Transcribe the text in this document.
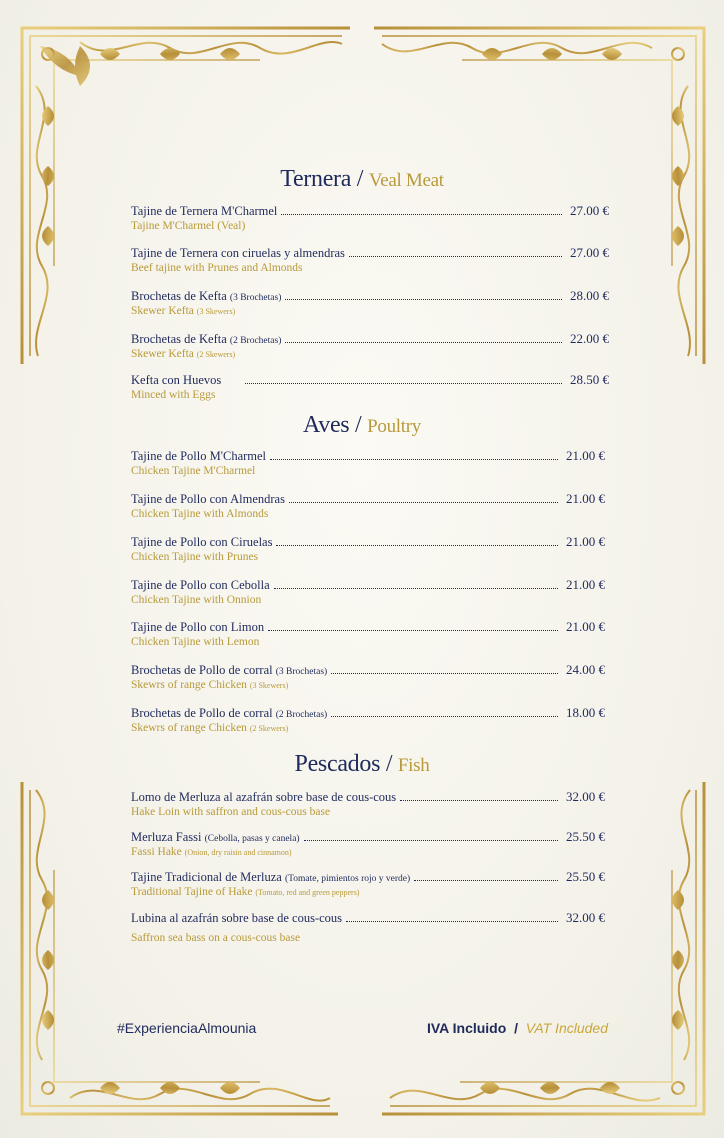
Ternera / Veal Meat
Tajine de Ternera M'Charmel	27.00 €
Tajine M'Charmel (Veal)
Tajine de Ternera con ciruelas y almendras	27.00 €
Beef tajine with Prunes and Almonds
Brochetas de Kefta (3 Brochetas)	28.00 €
Skewer Kefta (3 Skewers)
Brochetas de Kefta (2 Brochetas)	22.00 €
Skewer Kefta (2 Skewers)
Kefta con Huevos	28.50 €
Minced with Eggs
Aves / Poultry
Tajine de Pollo M'Charmel	21.00 €
Chicken Tajine M'Charmel
Tajine de Pollo con Almendras	21.00 €
Chicken Tajine with Almonds
Tajine de Pollo con Ciruelas	21.00 €
Chicken Tajine with Prunes
Tajine de Pollo con Cebolla	21.00 €
Chicken Tajine with Onnion
Tajine de Pollo con Limon	21.00 €
Chicken Tajine with Lemon
Brochetas de Pollo de corral (3 Brochetas)	24.00 €
Skewrs of range Chicken (3 Skewers)
Brochetas de Pollo de corral (2 Brochetas)	18.00 €
Skewrs of range Chicken (2 Skewers)
Pescados / Fish
Lomo de Merluza al azafrán sobre base de cous-cous	32.00 €
Hake Loin with saffron and cous-cous base
Merluza Fassi (Cebolla, pasas y canela)	25.50 €
Fassi Hake (Onion, dry raisin and cinnamon)
Tajine Tradicional de Merluza (Tomate, pimientos rojo y verde)	25.50 €
Traditional Tajine of Hake (Tomato, red and green peppers)
Lubina al azafrán sobre base de cous-cous	32.00 €
Saffron sea bass on a cous-cous base
#ExperienciaAlmounia	IVA Incluido / VAT Included
